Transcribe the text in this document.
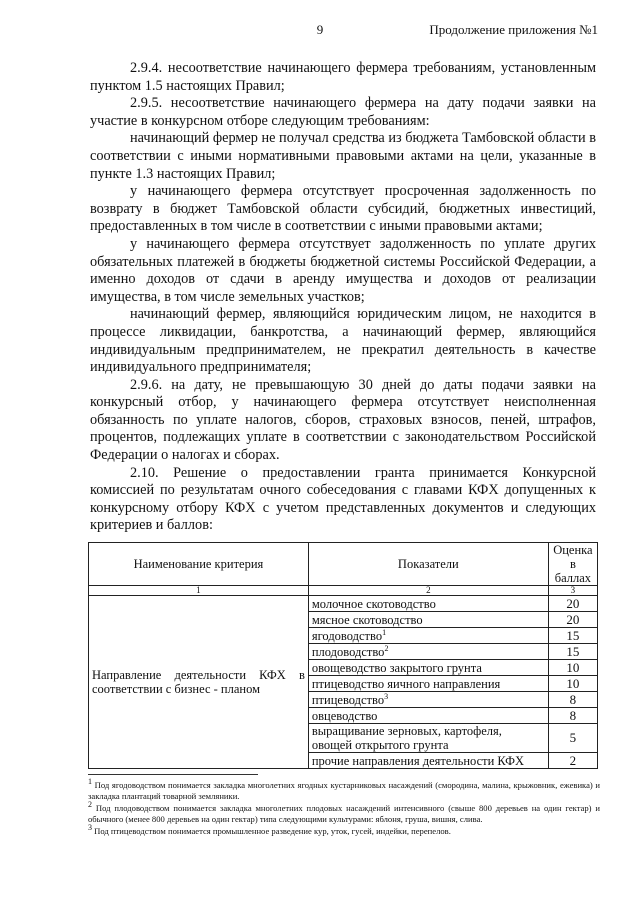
9	Продолжение приложения №1

2.9.4. несоответствие начинающего фермера требованиям, установленным пунктом 1.5 настоящих Правил;

2.9.5. несоответствие начинающего фермера на дату подачи заявки на участие в конкурсном отборе следующим требованиям:

начинающий фермер не получал средства из бюджета Тамбовской области в соответствии с иными нормативными правовыми актами на цели, указанные в пункте 1.3 настоящих Правил;

у начинающего фермера отсутствует просроченная задолженность по возврату в бюджет Тамбовской области субсидий, бюджетных инвестиций, предоставленных в том числе в соответствии с иными правовыми актами;

у начинающего фермера отсутствует задолженность по уплате других обязательных платежей в бюджеты бюджетной системы Российской Федерации, а именно доходов от сдачи в аренду имущества и доходов от реализации имущества, в том числе земельных участков;

начинающий фермер, являющийся юридическим лицом, не находится в процессе ликвидации, банкротства, а начинающий фермер, являющийся индивидуальным предпринимателем, не прекратил деятельность в качестве индивидуального предпринимателя;

2.9.6. на дату, не превышающую 30 дней до даты подачи заявки на конкурсный отбор, у начинающего фермера отсутствует неисполненная обязанность по уплате налогов, сборов, страховых взносов, пеней, штрафов, процентов, подлежащих уплате в соответствии с законодательством Российской Федерации о налогах и сборах.

2.10. Решение о предоставлении гранта принимается Конкурсной комиссией по результатам очного собеседования с главами КФХ допущенных к конкурсному отбору КФХ с учетом представленных документов и следующих критериев и баллов:

Наименование критерия	Показатели	Оценка в баллах
1	2	3
Направление деятельности КФХ в соответствии с бизнес - планом	молочное скотоводство	20
	мясное скотоводство	20
	ягодоводство$^1$	15
	плодоводство$^2$	15
	овощеводство закрытого грунта	10
	птицеводство яичного направления	10
	птицеводство$^3$	8
	овцеводство	8
	выращивание зерновых, картофеля, овощей открытого грунта	5
	прочие направления деятельности КФХ	2

$^1$ Под ягодоводством понимается закладка многолетних ягодных кустарниковых насаждений (смородина, малина, крыжовник, ежевика) и закладка плантаций товарной земляники.

$^2$ Под плодоводством понимается закладка многолетних плодовых насаждений интенсивного (свыше 800 деревьев на один гектар) и обычного (менее 800 деревьев на один гектар) типа следующими культурами: яблоня, груша, вишня, слива.

$^3$ Под птицеводством понимается промышленное разведение кур, уток, гусей, индейки, перепелов.
